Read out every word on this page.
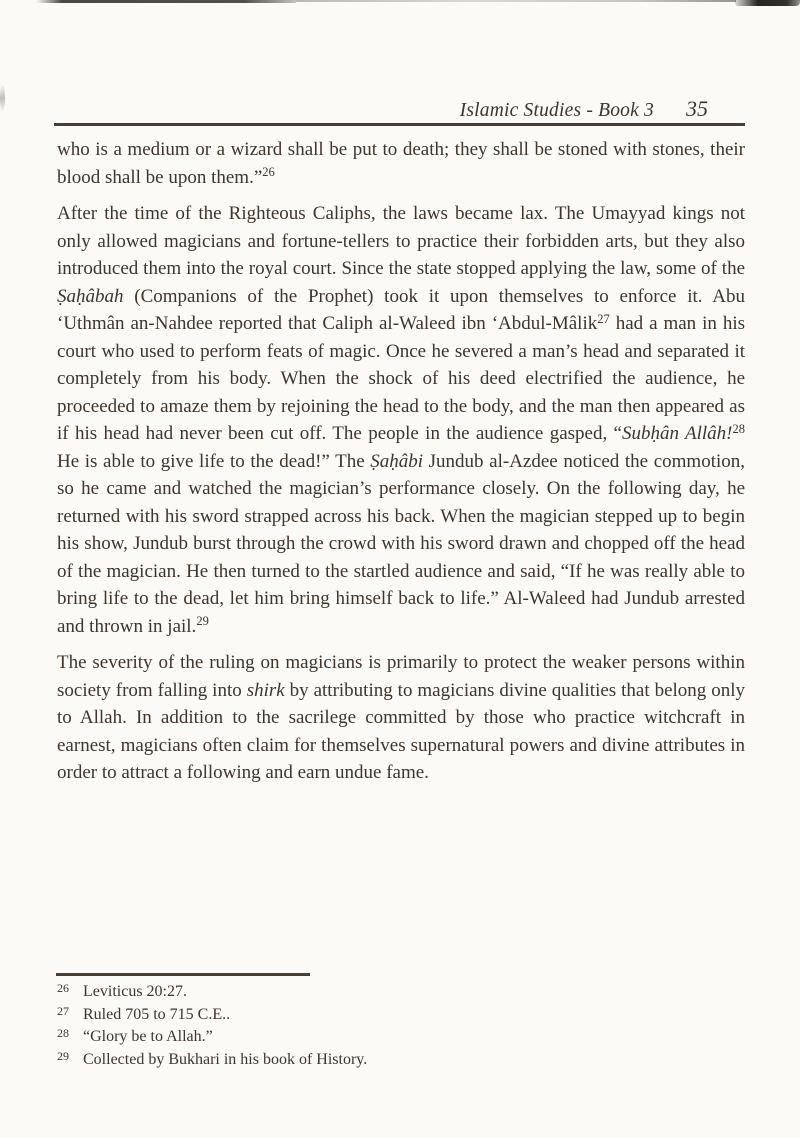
Islamic Studies - Book 3 35

who is a medium or a wizard shall be put to death; they shall be stoned with stones, their blood shall be upon them.”$^{26}$

After the time of the Righteous Caliphs, the laws became lax. The Umayyad kings not only allowed magicians and fortune-tellers to practice their forbidden arts, but they also introduced them into the royal court. Since the state stopped applying the law, some of the Ṣaḥâbah (Companions of the Prophet) took it upon themselves to enforce it. Abu ‘Uthmân an-Nahdee reported that Caliph al-Waleed ibn ‘Abdul-Mâlik$^{27}$ had a man in his court who used to perform feats of magic. Once he severed a man’s head and separated it completely from his body. When the shock of his deed electrified the audience, he proceeded to amaze them by rejoining the head to the body, and the man then appeared as if his head had never been cut off. The people in the audience gasped, “Subḥân Allâh!$^{28}$ He is able to give life to the dead!” The Ṣaḥâbi Jundub al-Azdee noticed the commotion, so he came and watched the magician’s performance closely. On the following day, he returned with his sword strapped across his back. When the magician stepped up to begin his show, Jundub burst through the crowd with his sword drawn and chopped off the head of the magician. He then turned to the startled audience and said, “If he was really able to bring life to the dead, let him bring himself back to life.” Al-Waleed had Jundub arrested and thrown in jail.$^{29}$

The severity of the ruling on magicians is primarily to protect the weaker persons within society from falling into shirk by attributing to magicians divine qualities that belong only to Allah. In addition to the sacrilege committed by those who practice witchcraft in earnest, magicians often claim for themselves supernatural powers and divine attributes in order to attract a following and earn undue fame.

26 Leviticus 20:27.
27 Ruled 705 to 715 C.E..
28 “Glory be to Allah.”
29 Collected by Bukhari in his book of History.
